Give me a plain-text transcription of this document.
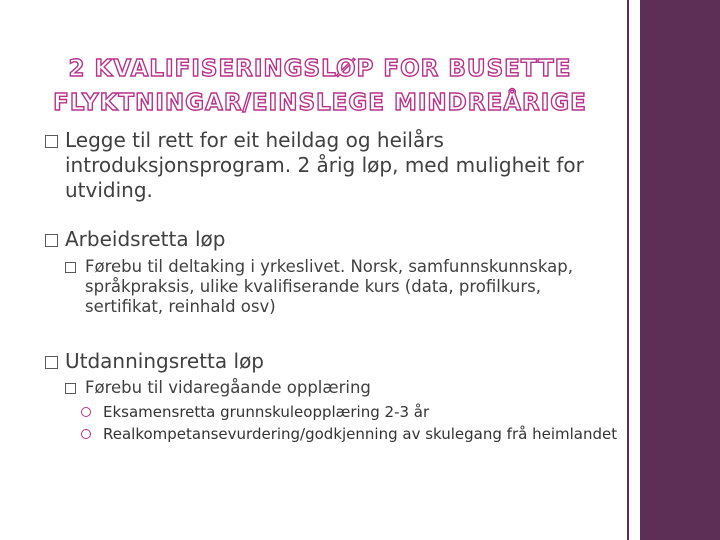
2 KVALIFISERINGSLØP FOR BUSETTE FLYKTNINGAR/EINSLEGE MINDREÅRIGE
Legge til rett for eit heildag og heilårs introduksjonsprogram. 2 årig løp, med muligheit for utviding.
Arbeidsretta løp
Førebu til deltaking i yrkeslivet. Norsk, samfunnskunnskap, språkpraksis, ulike kvalifiserande kurs (data, profilkurs, sertifikat, reinhald osv)
Utdanningsretta løp
Førebu til vidaregåande opplæring
Eksamensretta grunnskuleopplæring 2-3 år
Realkompetansevurdering/godkjenning av skulegang frå heimlandet
